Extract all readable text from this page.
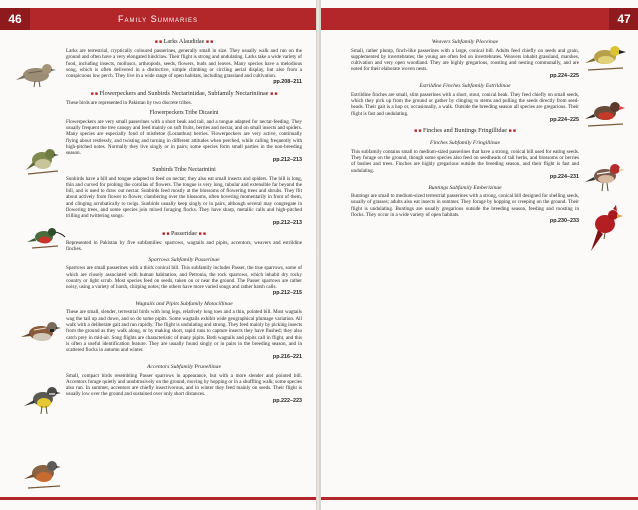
46	Family Summaries
■ ■ Larks Alaudidae ■ ■

Larks are terrestrial, cryptically coloured passerines, generally small in size. They usually walk and run on the ground and often have a very elongated hindclaw. Their flight is strong and undulating. Larks take a wide variety of food, including insects, molluscs, arthropods, seeds, flowers, buds and leaves. Many species have a melodious song, which is often delivered in a distinctive, simple climbing or circling aerial display, but also from a conspicuous low perch. They live in a wide range of open habitats, including grassland and cultivation.

pp.208–211
■ ■ Flowerpeckers and Sunbirds Nectariniidae, Subfamily Nectariniinae ■ ■

These birds are represented in Pakistan by two discrete tribes.

Flowerpeckers Tribe Dicaeini

Flowerpeckers are very small passerines with a short beak and tail, and a tongue adapted for nectar-feeding. They usually frequent the tree canopy and feed mainly on soft fruits, berries and nectar, and on small insects and spiders. Many species are especially fond of mistletoe (Loranthus) berries. Flowerpeckers are very active, continually flying about restlessly, and twisting and turning in different attitudes when perched, while calling frequently with high-pitched notes. Normally they live singly or in pairs; some species form small parties in the non-breeding season.

pp.212–213
Sunbirds Tribe Nectariniini

Sunbirds have a bill and tongue adapted to feed on nectar; they also eat small insects and spiders. The bill is long, thin and curved for probing the corollas of flowers. The tongue is very long, tubular and extensible far beyond the bill, and is used to draw out nectar. Sunbirds feed mostly at the blossoms of flowering trees and shrubs. They flit about actively from flower to flower, clambering over the blossoms, often hovering momentarily in front of them, and clinging acrobatically to twigs. Sunbirds usually keep singly or in pairs, although several may congregate in flowering trees, and some species join mixed foraging flocks. They have sharp, metallic calls and high-pitched trilling and twittering songs.

pp.212–213
■ ■ Passeridae ■ ■

Represented in Pakistan by five subfamilies: sparrows, wagtails and pipits, accentors, weavers and estrildine finches.

Sparrows Subfamily Passerinae

Sparrows are small passerines with a thick conical bill. This subfamily includes Passer, the true sparrows, some of which are closely associated with human habitation, and Petronia, the rock sparrows, which inhabit dry rocky country or light scrub. Most species feed on seeds, taken on or near the ground. The Passer sparrows are rather noisy, using a variety of harsh, chirping notes; the others have more varied songs and rather harsh calls.

pp.212–215
Wagtails and Pipits Subfamily Motacillinae

These are small, slender, terrestrial birds with long legs, relatively long toes and a thin, pointed bill. Most wagtails wag the tail up and down, and so do some pipits. Some wagtails exhibit wide geographical plumage variation. All walk with a deliberate gait and run rapidly. The flight is undulating and strong. They feed mainly by picking insects from the ground as they walk along, or by making short, rapid runs to capture insects they have flushed; they also catch prey in mid-air. Song flights are characteristic of many pipits. Both wagtails and pipits call in flight, and this is often a useful identification feature. They are usually found singly or in pairs in the breeding season, and in scattered flocks in autumn and winter.

pp.216–221
Accentors Subfamily Prunellinae

Small, compact birds resembling Passer sparrows in appearance, but with a more slender and pointed bill. Accentors forage quietly and unobtrusively on the ground, moving by hopping or in a shuffling walk; some species also run. In summer, accentors are chiefly insectivorous, and in winter they feed mainly on seeds. Their flight is usually low over the ground and sustained over only short distances.

pp.222–223
47
Weavers Subfamily Ploceinae

Small, rather plump, finch-like passerines with a large, conical bill. Adults feed chiefly on seeds and grain, supplemented by invertebrates; the young are often fed on invertebrates. Weavers inhabit grassland, marshes, cultivation and very open woodland. They are highly gregarious, roosting and nesting communally, and are noted for their elaborate woven nests.

pp.224–225
Estrildine Finches Subfamily Estrildinae

Estrildine finches are small, slim passerines with a short, stout, conical beak. They feed chiefly on small seeds, which they pick up from the ground or gather by clinging to stems and pulling the seeds directly from seed-heads. Their gait is a hop or, occasionally, a walk. Outside the breeding season all species are gregarious. Their flight is fast and undulating.

pp.224–225
■ ■ Finches and Buntings Fringillidae ■ ■
Finches Subfamily Fringillinae

This subfamily contains small to medium-sized passerines that have a strong, conical bill used for eating seeds. They forage on the ground, though some species also feed on seedheads of tall herbs, and blossoms or berries of bushes and trees. Finches are highly gregarious outside the breeding season, and their flight is fast and undulating.

pp.224–231
Buntings Subfamily Emberizinae

Buntings are small to medium-sized terrestrial passerines with a strong, conical bill designed for shelling seeds, usually of grasses; adults also eat insects in summer. They forage by hopping or creeping on the ground. Their flight is undulating. Buntings are usually gregarious outside the breeding season, feeding and roosting in flocks. They occur in a wide variety of open habitats.

pp.230–233
